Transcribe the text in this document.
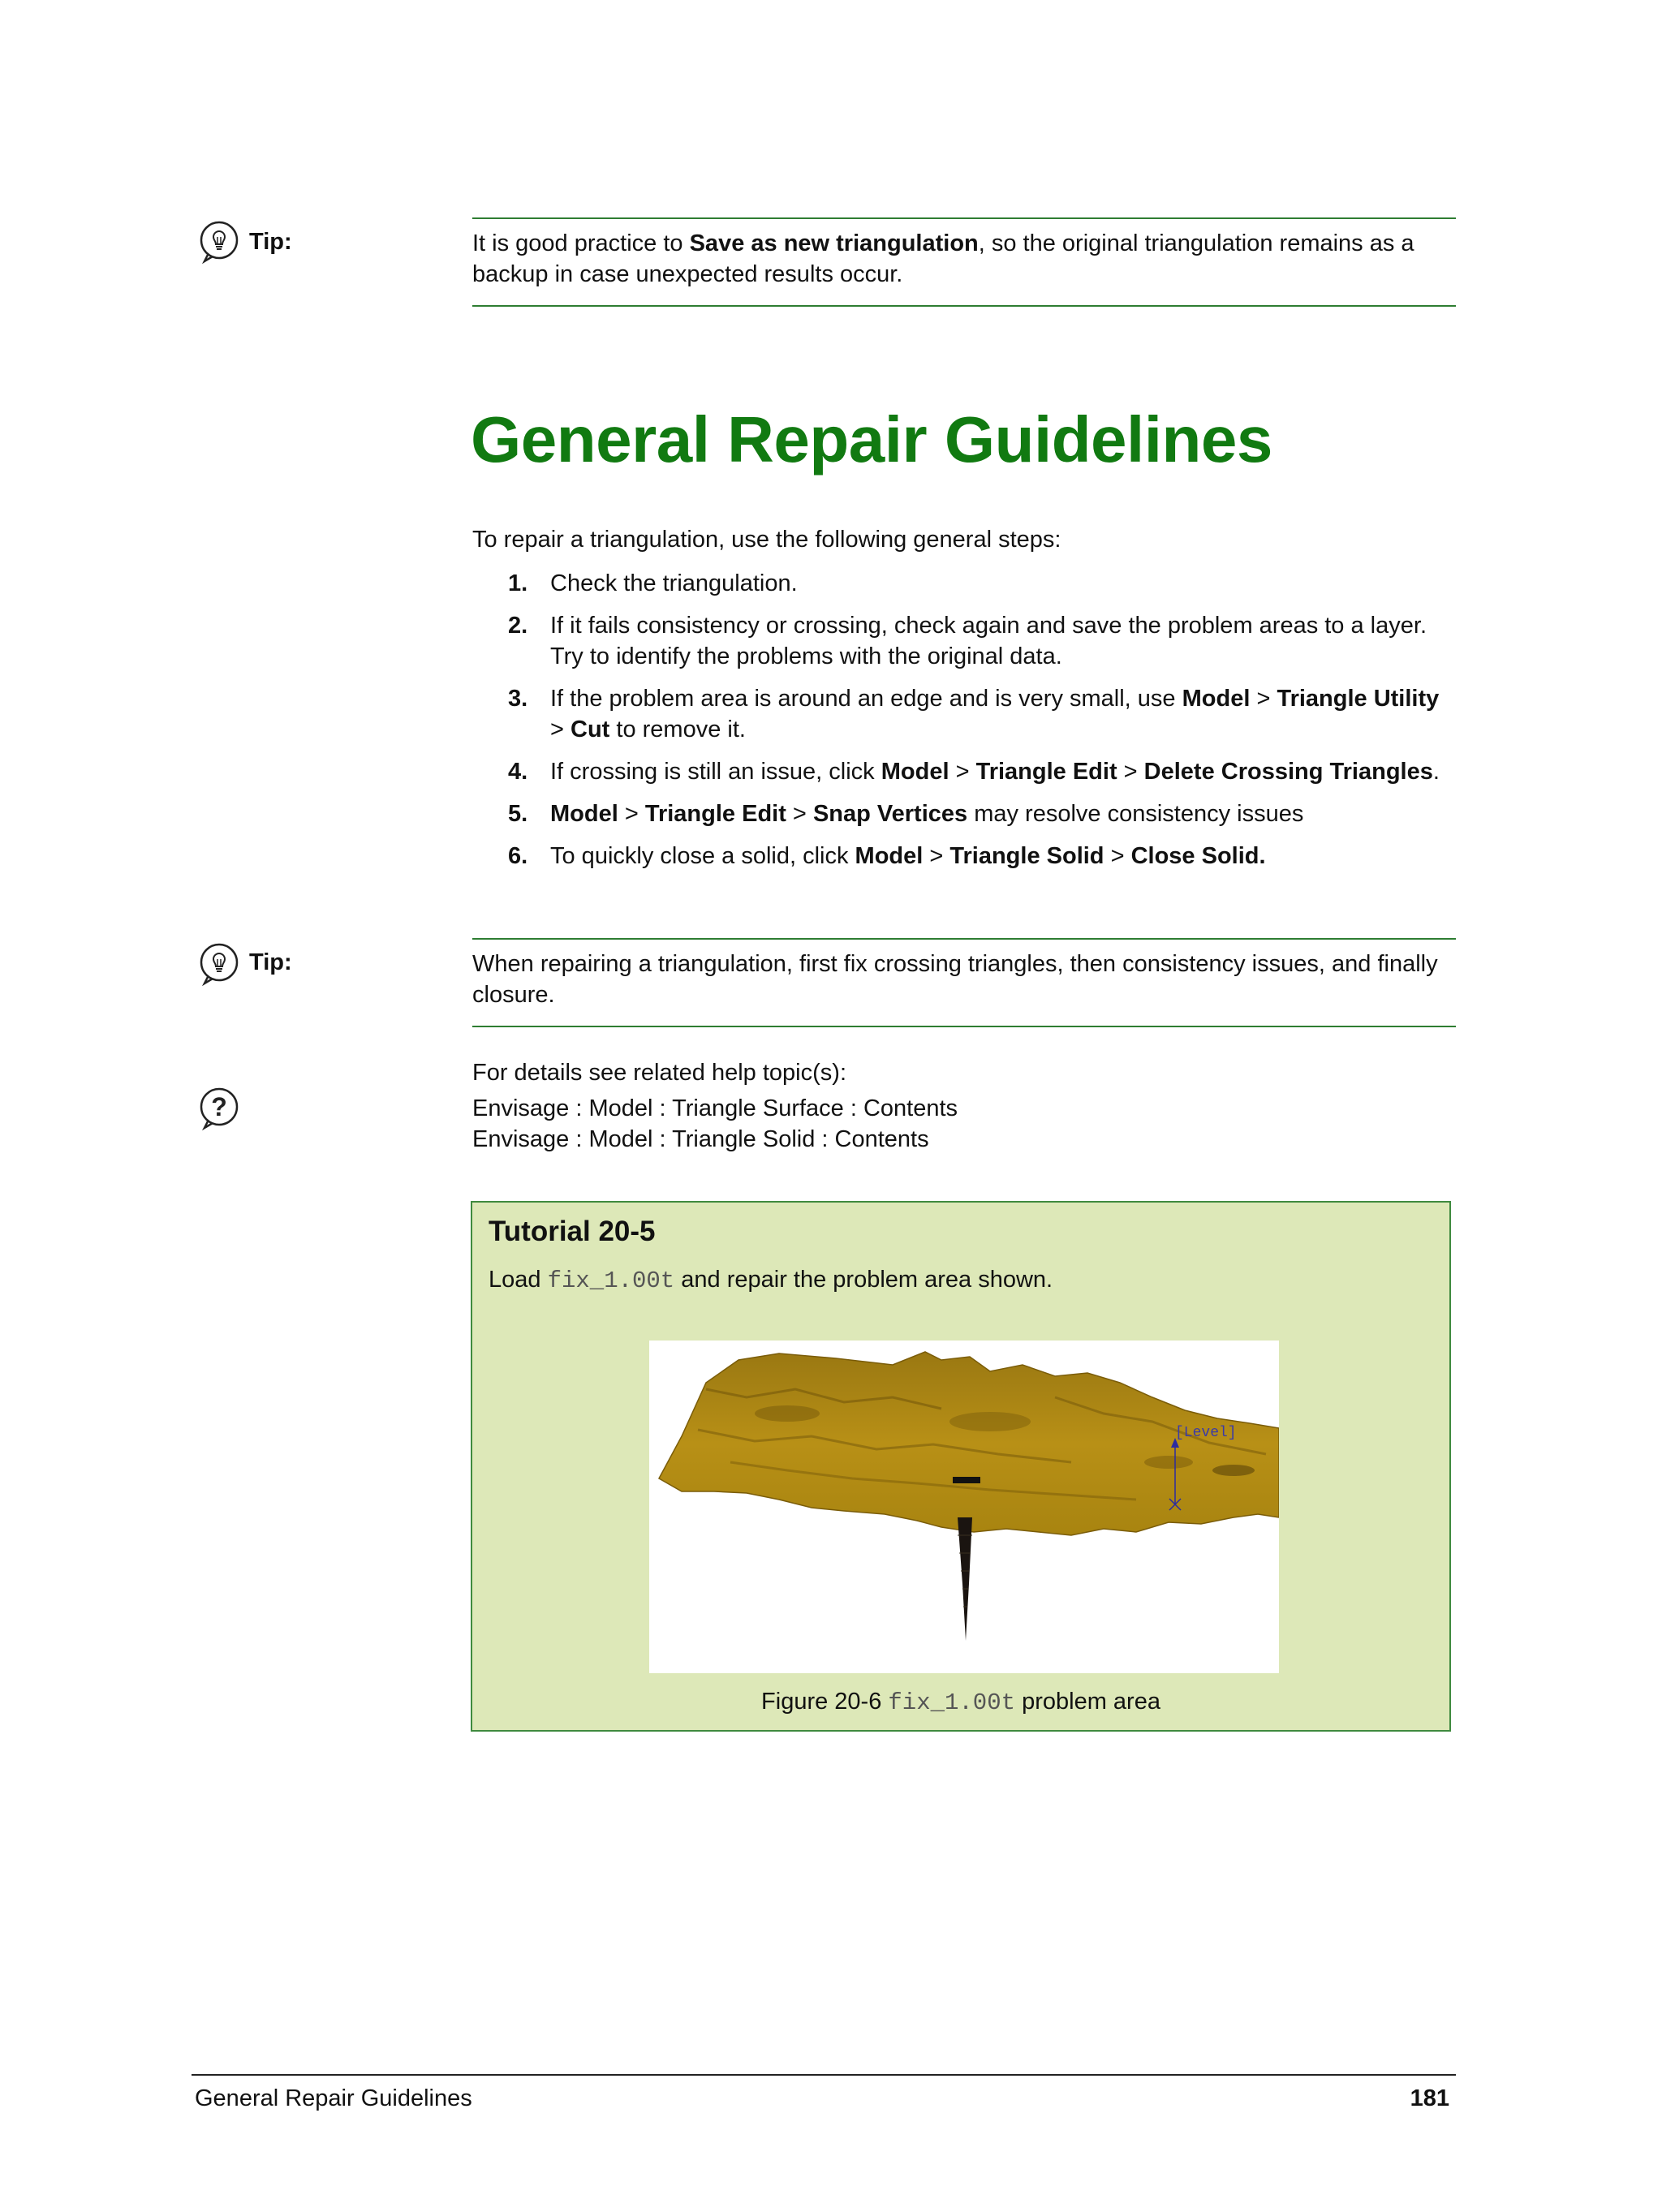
Tip:	It is good practice to Save as new triangulation, so the original triangulation remains as a backup in case unexpected results occur.
General Repair Guidelines
To repair a triangulation, use the following general steps:
1. Check the triangulation.
2. If it fails consistency or crossing, check again and save the problem areas to a layer. Try to identify the problems with the original data.
3. If the problem area is around an edge and is very small, use Model > Triangle Utility > Cut to remove it.
4. If crossing is still an issue, click Model > Triangle Edit > Delete Crossing Triangles.
5. Model > Triangle Edit > Snap Vertices may resolve consistency issues
6. To quickly close a solid, click Model > Triangle Solid > Close Solid.
Tip:	When repairing a triangulation, first fix crossing triangles, then consistency issues, and finally closure.
?
For details see related help topic(s):
Envisage : Model : Triangle Surface : Contents
Envisage : Model : Triangle Solid : Contents
Tutorial 20-5
Load fix_1.00t and repair the problem area shown.
[Level]
Figure 20-6 fix_1.00t problem area
General Repair Guidelines	181
